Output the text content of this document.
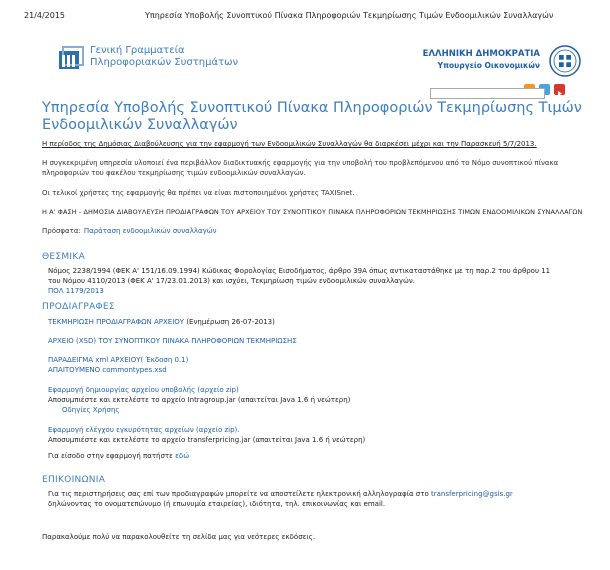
21/4/2015	Υπηρεσία Υποβολής Συνοπτικού Πίνακα Πληροφοριών Τεκμηρίωσης Τιμών Ενδοομιλικών Συναλλαγών
Γενική Γραμματεία
Πληροφοριακών Συστημάτων
ΕΛΛΗΝΙΚΗ ΔΗΜΟΚΡΑΤΙΑ
Υπουργείο Οικονομικών
Υπηρεσία Υποβολής Συνοπτικού Πίνακα Πληροφοριών Τεκμηρίωσης Τιμών Ενδοομιλικών Συναλλαγών
Η περίοδος της Δημόσιας Διαβούλευσης για την εφαρμογή των Ενδοομιλικών Συναλλαγών θα διαρκέσει μέχρι και την Παρασκευή 5/7/2013.

Η συγκεκριμένη υπηρεσία υλοποιεί ένα περιβάλλον διαδικτυακής εφαρμογής για την υποβολή του προβλεπόμενου από το Νόμο συνοπτικού πίνακα πληροφοριών του φακέλου τεκμηρίωσης τιμών ενδοομιλικών συναλλαγών.

Οι τελικοί χρήστες της εφαρμογής θα πρέπει να είναι πιστοποιημένοι χρήστες TAXISnet.

Η Α' ΦΑΣΗ - ΔΗΜΟΣΙΑ ΔΙΑΒΟΥΛΕΥΣΗ ΠΡΟΔΙΑΓΡΑΦΩΝ ΤΟΥ ΑΡΧΕΙΟΥ ΤΟΥ ΣΥΝΟΠΤΙΚΟΥ ΠΙΝΑΚΑ ΠΛΗΡΟΦΟΡΙΩΝ ΤΕΚΜΗΡΙΩΣΗΣ ΤΙΜΩΝ ΕΝΔΟΟΜΙΛΙΚΩΝ ΣΥΝΑΛΛΑΓΩΝ
Πρόσφατα: Παράταση ενδοομιλικών συναλλαγών
ΘΕΣΜΙΚΑ
Νόμος 2238/1994 (ΦΕΚ Α' 151/16.09.1994) Κώδικας Φορολογίας Εισοδήματος, άρθρο 39Α όπως αντικαταστάθηκε με τη παρ.2 του άρθρου 11 του Νόμου 4110/2013 (ΦΕΚ Α' 17/23.01.2013) και ισχύει, Τεκμηρίωση τιμών ενδοομιλικών συναλλαγών.
ΠΟΛ 1179/2013
ΠΡΟΔΙΑΓΡΑΦΕΣ
ΤΕΚΜΗΡΙΩΣΗ ΠΡΟΔΙΑΓΡΑΦΩΝ ΑΡΧΕΙΟΥ (Ενημέρωση 26-07-2013)
ΑΡΧΕΙΟ (XSD) ΤΟΥ ΣΥΝΟΠΤΙΚΟΥ ΠΙΝΑΚΑ ΠΛΗΡΟΦΟΡΙΩΝ ΤΕΚΜΗΡΙΩΣΗΣ
ΠΑΡΑΔΕΙΓΜΑ xml ΑΡΧΕΙΟΥ( Έκδοση 0.1)
ΑΠΑΙΤΟΥΜΕΝΟ commontypes.xsd
Εφαρμογή δημιουργίας αρχείου υποβολής (αρχείο zip)
Αποσυμπιέστε και εκτελέστε το αρχείο Intragroup.jar (απαιτείται Java 1.6 ή νεώτερη)
Οδηγίες Χρήσης
Εφαρμογή ελέγχου εγκυρότητας αρχείων (αρχείο zip).
Αποσυμπιέστε και εκτελέστε το αρχείο transferpricing.jar (απαιτείται Java 1.6 ή νεώτερη)
Για είσοδο στην εφαρμογή πατήστε εδώ
ΕΠΙΚΟΙΝΩΝΙΑ
Για τις περιστηρήσεις σας επί των προδιαγραφών μπορείτε να αποστείλετε ηλεκτρονική αλληλογραφία στο transferpricing@gsis.gr δηλώνοντας το ονοματεπώνυμο (ή επωνυμία εταιρείας), ιδιότητα, τηλ. επικοινωνίας και email.
Παρακαλούμε πολύ να παρακολουθείτε τη σελίδα μας για νεότερες εκδόσεις.
